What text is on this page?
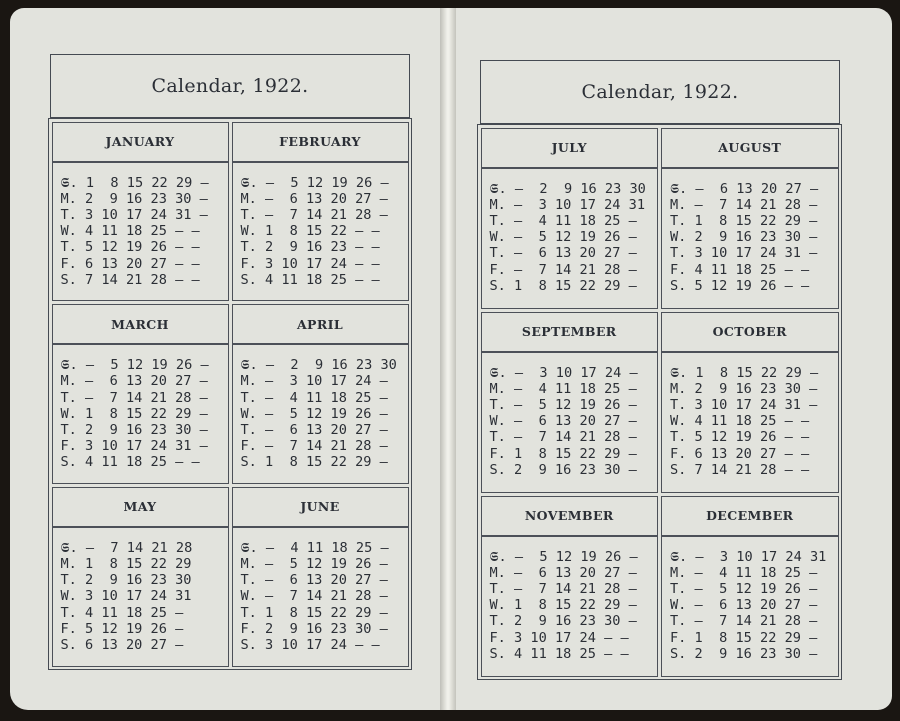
Calendar, 1922.
JANUARY
𝕾. 1  8 15 22 29 —
M. 2  9 16 23 30 —
T. 3 10 17 24 31 —
W. 4 11 18 25 — —
T. 5 12 19 26 — —
F. 6 13 20 27 — —
S. 7 14 21 28 — —
FEBRUARY
𝕾. —  5 12 19 26 —
M. —  6 13 20 27 —
T. —  7 14 21 28 —
W. 1  8 15 22 — —
T. 2  9 16 23 — —
F. 3 10 17 24 — —
S. 4 11 18 25 — —
MARCH
𝕾. —  5 12 19 26 —
M. —  6 13 20 27 —
T. —  7 14 21 28 —
W. 1  8 15 22 29 —
T. 2  9 16 23 30 —
F. 3 10 17 24 31 —
S. 4 11 18 25 — —
APRIL
𝕾. —  2  9 16 23 30
M. —  3 10 17 24 —
T. —  4 11 18 25 —
W. —  5 12 19 26 —
T. —  6 13 20 27 —
F. —  7 14 21 28 —
S. 1  8 15 22 29 —
MAY
𝕾. —  7 14 21 28
M. 1  8 15 22 29
T. 2  9 16 23 30
W. 3 10 17 24 31
T. 4 11 18 25 —
F. 5 12 19 26 —
S. 6 13 20 27 —
JUNE
𝕾. —  4 11 18 25 —
M. —  5 12 19 26 —
T. —  6 13 20 27 —
W. —  7 14 21 28 —
T. 1  8 15 22 29 —
F. 2  9 16 23 30 —
S. 3 10 17 24 — —
Calendar, 1922.
JULY
𝕾. —  2  9 16 23 30
M. —  3 10 17 24 31
T. —  4 11 18 25 —
W. —  5 12 19 26 —
T. —  6 13 20 27 —
F. —  7 14 21 28 —
S. 1  8 15 22 29 —
AUGUST
𝕾. —  6 13 20 27 —
M. —  7 14 21 28 —
T. 1  8 15 22 29 —
W. 2  9 16 23 30 —
T. 3 10 17 24 31 —
F. 4 11 18 25 — —
S. 5 12 19 26 — —
SEPTEMBER
𝕾. —  3 10 17 24 —
M. —  4 11 18 25 —
T. —  5 12 19 26 —
W. —  6 13 20 27 —
T. —  7 14 21 28 —
F. 1  8 15 22 29 —
S. 2  9 16 23 30 —
OCTOBER
𝕾. 1  8 15 22 29 —
M. 2  9 16 23 30 —
T. 3 10 17 24 31 —
W. 4 11 18 25 — —
T. 5 12 19 26 — —
F. 6 13 20 27 — —
S. 7 14 21 28 — —
NOVEMBER
𝕾. —  5 12 19 26 —
M. —  6 13 20 27 —
T. —  7 14 21 28 —
W. 1  8 15 22 29 —
T. 2  9 16 23 30 —
F. 3 10 17 24 — —
S. 4 11 18 25 — —
DECEMBER
𝕾. —  3 10 17 24 31
M. —  4 11 18 25 —
T. —  5 12 19 26 —
W. —  6 13 20 27 —
T. —  7 14 21 28 —
F. 1  8 15 22 29 —
S. 2  9 16 23 30 —
